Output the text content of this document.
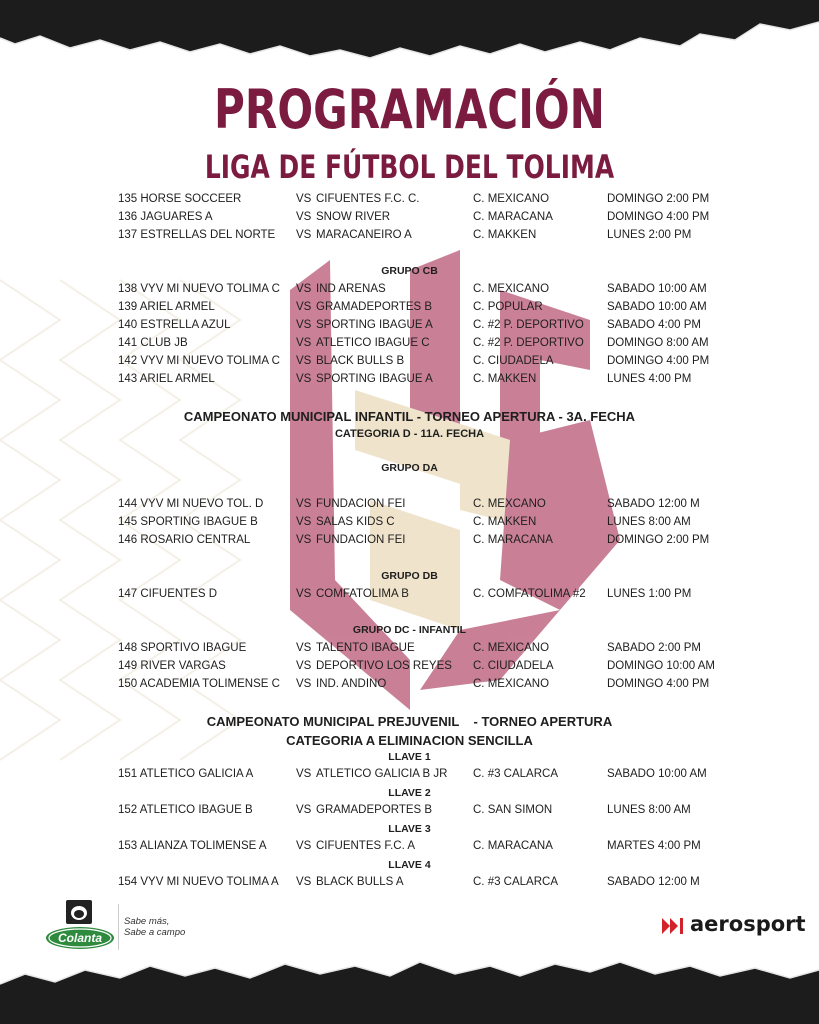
PROGRAMACIÓN
LIGA DE FÚTBOL DEL TOLIMA
135 HORSE SOCCEER	VS CIFUENTES F.C. C.	C. MEXICANO	DOMINGO 2:00 PM
136 JAGUARES A	VS SNOW RIVER	C. MARACANA	DOMINGO 4:00 PM
137 ESTRELLAS DEL NORTE VS MARACANEIRO A	C. MAKKEN	LUNES 2:00 PM
GRUPO CB
138 VYV MI NUEVO TOLIMA C VS IND ARENAS	C. MEXICANO	SABADO 10:00 AM
139 ARIEL ARMEL	VS GRAMADEPORTES B	C. POPULAR	SABADO 10:00 AM
140 ESTRELLA AZUL	VS SPORTING IBAGUE A	C. #2 P. DEPORTIVO SABADO 4:00 PM
141 CLUB JB	VS ATLETICO IBAGUE C	C. #2 P. DEPORTIVO DOMINGO 8:00 AM
142 VYV MI NUEVO TOLIMA C VS BLACK BULLS B	C. CIUDADELA	DOMINGO 4:00 PM
143 ARIEL ARMEL	VS SPORTING IBAGUE A	C. MAKKEN	LUNES 4:00 PM
CAMPEONATO MUNICIPAL INFANTIL - TORNEO APERTURA - 3A. FECHA
CATEGORIA D - 11A. FECHA
GRUPO DA
144 VYV MI NUEVO TOL. D	VS FUNDACION FEI	C. MEXCANO	SABADO 12:00 M
145 SPORTING IBAGUE B	VS SALAS KIDS C	C. MAKKEN	LUNES 8:00 AM
146 ROSARIO CENTRAL	VS FUNDACION FEI	C. MARACANA	DOMINGO 2:00 PM
GRUPO DB
147 CIFUENTES D	VS COMFATOLIMA B	C. COMFATOLIMA #2 LUNES 1:00 PM
GRUPO DC - INFANTIL
148 SPORTIVO IBAGUE	VS TALENTO IBAGUE	C. MEXICANO	SABADO 2:00 PM
149 RIVER VARGAS	VS DEPORTIVO LOS REYES C. CIUDADELA	DOMINGO 10:00 AM
150 ACADEMIA TOLIMENSE C VS IND. ANDINO	C. MEXICANO	DOMINGO 4:00 PM
CAMPEONATO MUNICIPAL PREJUVENIL    - TORNEO APERTURA
CATEGORIA A ELIMINACION SENCILLA
LLAVE 1
151 ATLETICO GALICIA A	VS ATLETICO GALICIA B JR C. #3 CALARCA	SABADO 10:00 AM
LLAVE 2
152 ATLETICO IBAGUE B	VS GRAMADEPORTES B	C. SAN SIMON	LUNES 8:00 AM
LLAVE 3
153 ALIANZA TOLIMENSE A	VS CIFUENTES F.C. A	C. MARACANA	MARTES 4:00 PM
LLAVE 4
154 VYV MI NUEVO TOLIMA A VS BLACK BULLS A	C. #3 CALARCA	SABADO 12:00 M
Colanta
Sabe más,
Sabe a campo	aerosport
